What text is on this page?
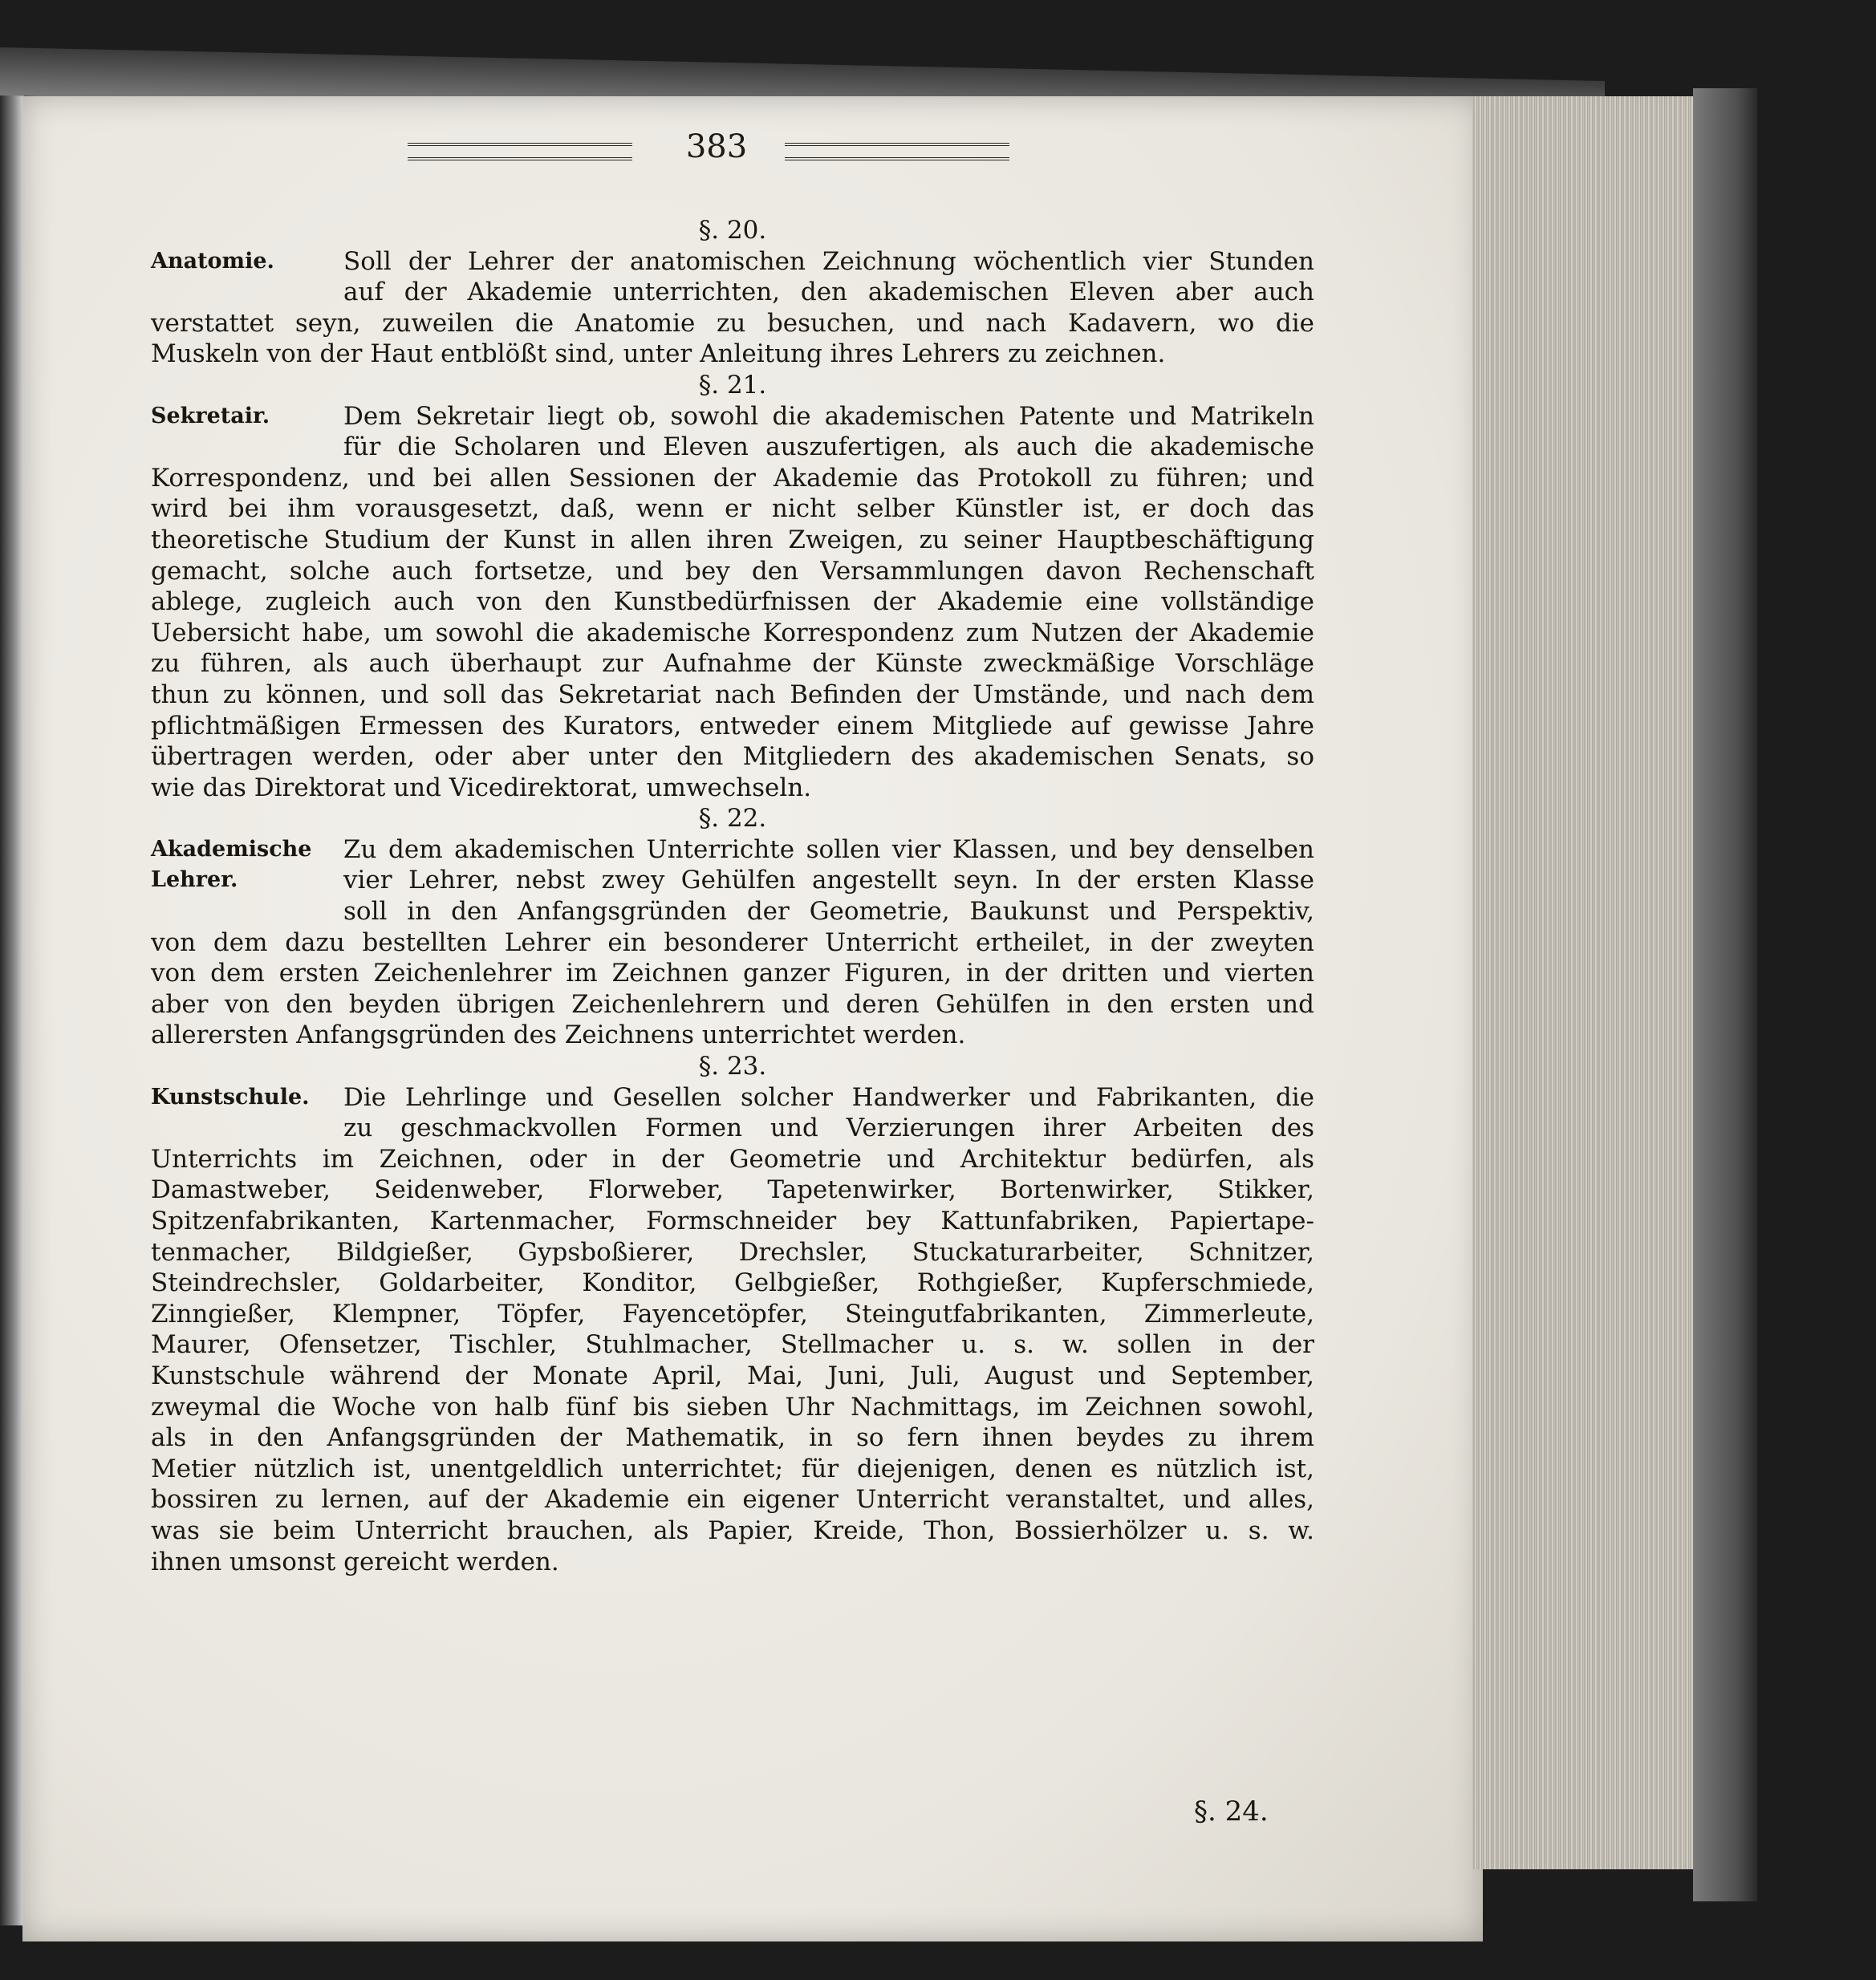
383
§. 20.
Anatomie.	Soll der Lehrer der anatomischen Zeichnung wöchentlich vier Stunden
auf der Akademie unterrichten, den akademischen Eleven aber auch
verstattet seyn, zuweilen die Anatomie zu besuchen, und nach Kadavern, wo die
Muskeln von der Haut entblößt sind, unter Anleitung ihres Lehrers zu zeichnen.
§. 21.
Sekretair.	Dem Sekretair liegt ob, sowohl die akademischen Patente und Matrikeln
für die Scholaren und Eleven auszufertigen, als auch die akademische
Korrespondenz, und bei allen Sessionen der Akademie das Protokoll zu führen; und
wird bei ihm vorausgesetzt, daß, wenn er nicht selber Künstler ist, er doch das
theoretische Studium der Kunst in allen ihren Zweigen, zu seiner Hauptbeschäftigung
gemacht, solche auch fortsetze, und bey den Versammlungen davon Rechenschaft
ablege, zugleich auch von den Kunstbedürfnissen der Akademie eine vollständige
Uebersicht habe, um sowohl die akademische Korrespondenz zum Nutzen der Akademie
zu führen, als auch überhaupt zur Aufnahme der Künste zweckmäßige Vorschläge
thun zu können, und soll das Sekretariat nach Befinden der Umstände, und nach dem
pflichtmäßigen Ermessen des Kurators, entweder einem Mitgliede auf gewisse Jahre
übertragen werden, oder aber unter den Mitgliedern des akademischen Senats, so
wie das Direktorat und Vicedirektorat, umwechseln.
§. 22.
Akademische
Lehrer.
Zu dem akademischen Unterrichte sollen vier Klassen, und bey denselben
vier Lehrer, nebst zwey Gehülfen angestellt seyn. In der ersten Klasse
soll in den Anfangsgründen der Geometrie, Baukunst und Perspektiv,
von dem dazu bestellten Lehrer ein besonderer Unterricht ertheilet, in der zweyten
von dem ersten Zeichenlehrer im Zeichnen ganzer Figuren, in der dritten und vierten
aber von den beyden übrigen Zeichenlehrern und deren Gehülfen in den ersten und
allerersten Anfangsgründen des Zeichnens unterrichtet werden.
§. 23.
Kunstschule.	Die Lehrlinge und Gesellen solcher Handwerker und Fabrikanten, die
zu geschmackvollen Formen und Verzierungen ihrer Arbeiten des
Unterrichts im Zeichnen, oder in der Geometrie und Architektur bedürfen, als
Damastweber, Seidenweber, Florweber, Tapetenwirker, Bortenwirker, Stikker,
Spitzenfabrikanten, Kartenmacher, Formschneider bey Kattunfabriken, Papiertape-
tenmacher, Bildgießer, Gypsboßierer, Drechsler, Stuckaturarbeiter, Schnitzer,
Steindrechsler, Goldarbeiter, Konditor, Gelbgießer, Rothgießer, Kupferschmiede,
Zinngießer, Klempner, Töpfer, Fayencetöpfer, Steingutfabrikanten, Zimmerleute,
Maurer, Ofensetzer, Tischler, Stuhlmacher, Stellmacher u. s. w. sollen in der
Kunstschule während der Monate April, Mai, Juni, Juli, August und September,
zweymal die Woche von halb fünf bis sieben Uhr Nachmittags, im Zeichnen sowohl,
als in den Anfangsgründen der Mathematik, in so fern ihnen beydes zu ihrem
Metier nützlich ist, unentgeldlich unterrichtet; für diejenigen, denen es nützlich ist,
bossiren zu lernen, auf der Akademie ein eigener Unterricht veranstaltet, und alles,
was sie beim Unterricht brauchen, als Papier, Kreide, Thon, Bossierhölzer u. s. w.
ihnen umsonst gereicht werden.
§. 24.
